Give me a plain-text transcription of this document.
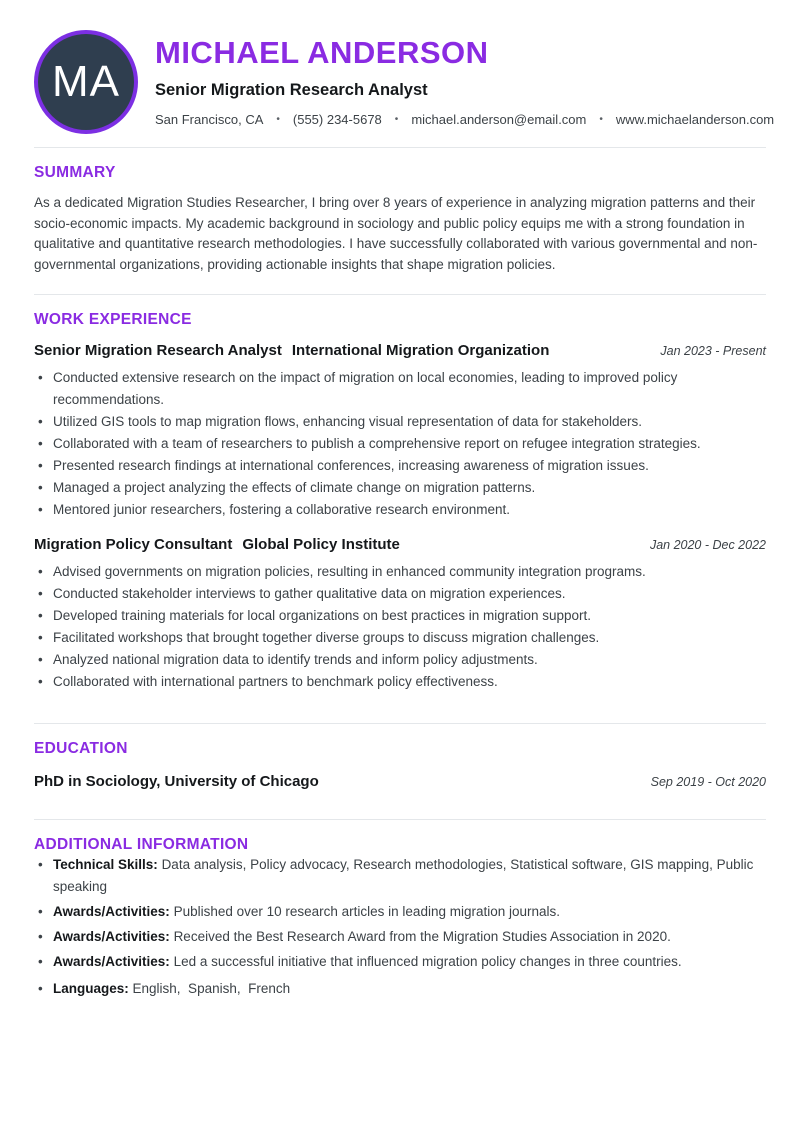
MA
MICHAEL ANDERSON
Senior Migration Research Analyst
San Francisco, CA • (555) 234-5678 • michael.anderson@email.com • www.michaelanderson.com
SUMMARY

As a dedicated Migration Studies Researcher, I bring over 8 years of experience in analyzing migration patterns and their socio-economic impacts. My academic background in sociology and public policy equips me with a strong foundation in qualitative and quantitative research methodologies. I have successfully collaborated with various governmental and non-governmental organizations, providing actionable insights that shape migration policies.

WORK EXPERIENCE
Senior Migration Research Analyst International Migration Organization	Jan 2023 - Present
• Conducted extensive research on the impact of migration on local economies, leading to improved policy recommendations.
• Utilized GIS tools to map migration flows, enhancing visual representation of data for stakeholders.
• Collaborated with a team of researchers to publish a comprehensive report on refugee integration strategies.
• Presented research findings at international conferences, increasing awareness of migration issues.
• Managed a project analyzing the effects of climate change on migration patterns.
• Mentored junior researchers, fostering a collaborative research environment.
Migration Policy Consultant Global Policy Institute	Jan 2020 - Dec 2022
• Advised governments on migration policies, resulting in enhanced community integration programs.
• Conducted stakeholder interviews to gather qualitative data on migration experiences.
• Developed training materials for local organizations on best practices in migration support.
• Facilitated workshops that brought together diverse groups to discuss migration challenges.
• Analyzed national migration data to identify trends and inform policy adjustments.
• Collaborated with international partners to benchmark policy effectiveness.
EDUCATION
PhD in Sociology, University of Chicago	Sep 2019 - Oct 2020
ADDITIONAL INFORMATION
• Technical Skills: Data analysis, Policy advocacy, Research methodologies, Statistical software, GIS mapping, Public speaking
• Awards/Activities: Published over 10 research articles in leading migration journals.
• Awards/Activities: Received the Best Research Award from the Migration Studies Association in 2020.
• Awards/Activities: Led a successful initiative that influenced migration policy changes in three countries.
• Languages: English,  Spanish,  French
